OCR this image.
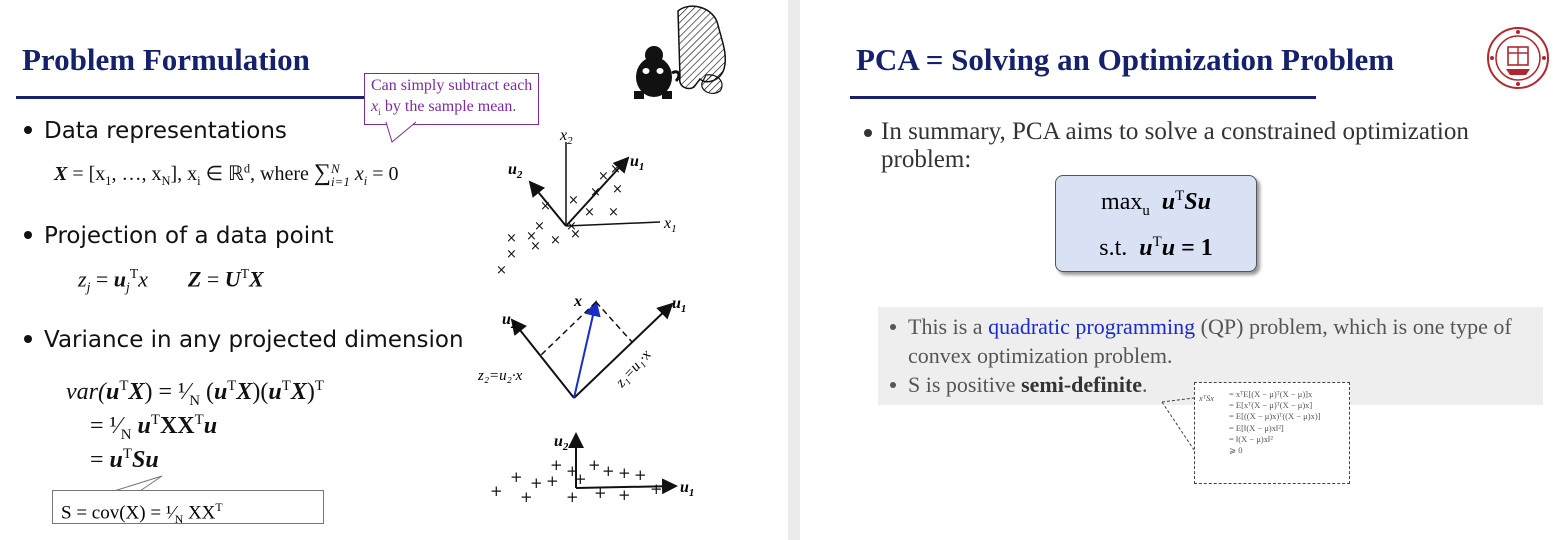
Problem Formulation
Can simply subtract each
$x_i$ by the sample mean.
Data representations
$X = [x_1$, …, $x_N$], $x_i$ ∈ ℝ$^d$, where ∑ N
i=1 $x_i = 0$
Projection of a data point
$z_j = u_j^Tx$ $Z = U^TX$
Variance in any projected dimension
$var(u^TX)$ = $^1⁄_N$ $(u^TX)(u^TX)^T$
= $^1⁄_N$ $u^TXX^Tu$
= $u^TSu$
$S = cov(X) = ^1⁄_N$ $XX^T$
$x_2$
$x_1$
$u_1$
$u_2$	× ×
× ×
×
× ×
×
×
×
× × ×
×
×
×
×
x
$u_2$
$u_1$
z₂=u₂·x	z₁=u₁·x
$u_2$
$u_1$
+ + + + + +
+ + + +
+ + + + + +
PCA = Solving an Optimization Problem
In summary, PCA aims to solve a constrained optimization problem:
$\max_u u^TSu$
s.t. $u^Tu = 1$
This is a quadratic programming (QP) problem, which is one type of convex optimization problem.
S is positive semi-definite.
xᵀSx = xᵀE[(X − μ)ᵀ(X − μ)]x
= E[xᵀ(X − μ)ᵀ(X − μ)x]
= E[((X − μ)x)ᵀ((X − μ)x)]
= E[‖(X − μ)x‖²]
= ‖(X − μ)x‖²
⩾ 0
